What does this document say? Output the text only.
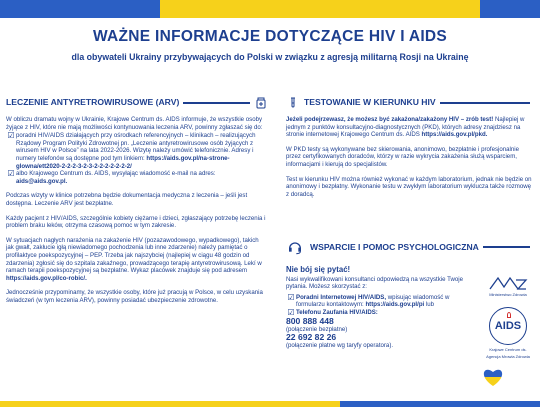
WAŻNE INFORMACJE DOTYCZĄCE HIV I AIDS
dla obywateli Ukrainy przybywających do Polski w związku z agresją militarną Rosji na Ukrainę
LECZENIE ANTYRETROWIRUSOWE (ARV)

W obliczu dramatu wojny w Ukrainie, Krajowe Centrum ds. AIDS informuje, że wszystkie osoby żyjące z HIV, które nie mają możliwości kontynuowania leczenia ARV, powinny zgłaszać się do:

☑ poradni HIV/AIDS działających przy ośrodkach referencyjnych – klinikach – realizujących Rządowy Program Polityki Zdrowotnej pn. „Leczenie antyretrowirusowe osób żyjących z wirusem HIV w Polsce” na lata 2022-2026. Wizytę należy umówić telefonicznie. Adresy i numery telefonów są dostępne pod tym linkiem: https://aids.gov.pl/na-strone-glowna/ett2020-2-2-2-3-2-3-2-2-2-2-2-2-2/
☑ albo Krajowego Centrum ds. AIDS, wysyłając wiadomość e-mail na adres: aids@aids.gov.pl.

Podczas wizyty w klinice potrzebna będzie dokumentacja medyczna z leczenia – jeśli jest dostępna. Leczenie ARV jest bezpłatne.

Każdy pacjent z HIV/AIDS, szczególnie kobiety ciężarne i dzieci, zgłaszający potrzebę leczenia i problem braku leków, otrzyma czasową pomoc w tym zakresie.

W sytuacjach nagłych narażenia na zakażenie HIV (pozazawodowego, wypadkowego), takich jak gwałt, zakłucie igłą niewiadomego pochodzenia lub inne zdarzenie) należy pamiętać o profilaktyce poekspozycyjnej – PEP. Trzeba jak najszybciej (najlepiej w ciągu 48 godzin od zdarzenia) zgłosić się do szpitala zakaźnego, prowadzącego terapię antyretrowirusową. Lekí w ramach terapii poekspozycyjnej są bezpłatne. Wykaz placówek znajduje się pod adresem https://aids.gov.pl/co-robic/.

Jednocześnie przypominamy, że wszystkie osoby, które już pracują w Polsce, w celu uzyskania świadczeń (w tym leczenia ARV), powinny posiadać ubezpieczenie zdrowotne.

TESTOWANIE W KIERUNKU HIV

Jeżeli podejrzewasz, że możesz być zakażona/zakażony HIV – zrób test! Najlepiej w jednym z punktów konsultacyjno-diagnostycznych (PKD), których adresy znajdziesz na stronie internetowej Krajowego Centrum ds. AIDS https://aids.gov.pl/pkd.

W PKD testy są wykonywane bez skierowania, anonimowo, bezpłatnie i profesjonalnie przez certyfikowanych doradców, którzy w razie wykrycia zakażenia służą wsparciem, informacjami i kierują do specjalistów.

Test w kierunku HIV można również wykonać w każdym laboratorium, jednak nie będzie on anonimowy i bezpłatny. Wykonanie testu w zwykłym laboratorium wykluczа także rozmowę z doradcą.

WSPARCIE I POMOC PSYCHOLOGICZNA
Nie bój się pytać!

Nasi wykwalifikowani konsultanci odpowiedzą na wszystkie Twoje pytania. Możesz skorzystać z:

☑ Poradni Internetowej HIV/AIDS, wpisując wiadomość w formularzu kontaktowym: https://aids.gov.pl/pi lub
☑ Telefonu Zaufania HIV/AIDS:
800 888 448
(połączenie bezpłatne)
22 692 82 26
(połączenie płatne wg taryfy operatora).
Ministerstwo Zdrowia
AIDS
Krajowe Centrum ds.
Agencja Mrowia Zdrowia
